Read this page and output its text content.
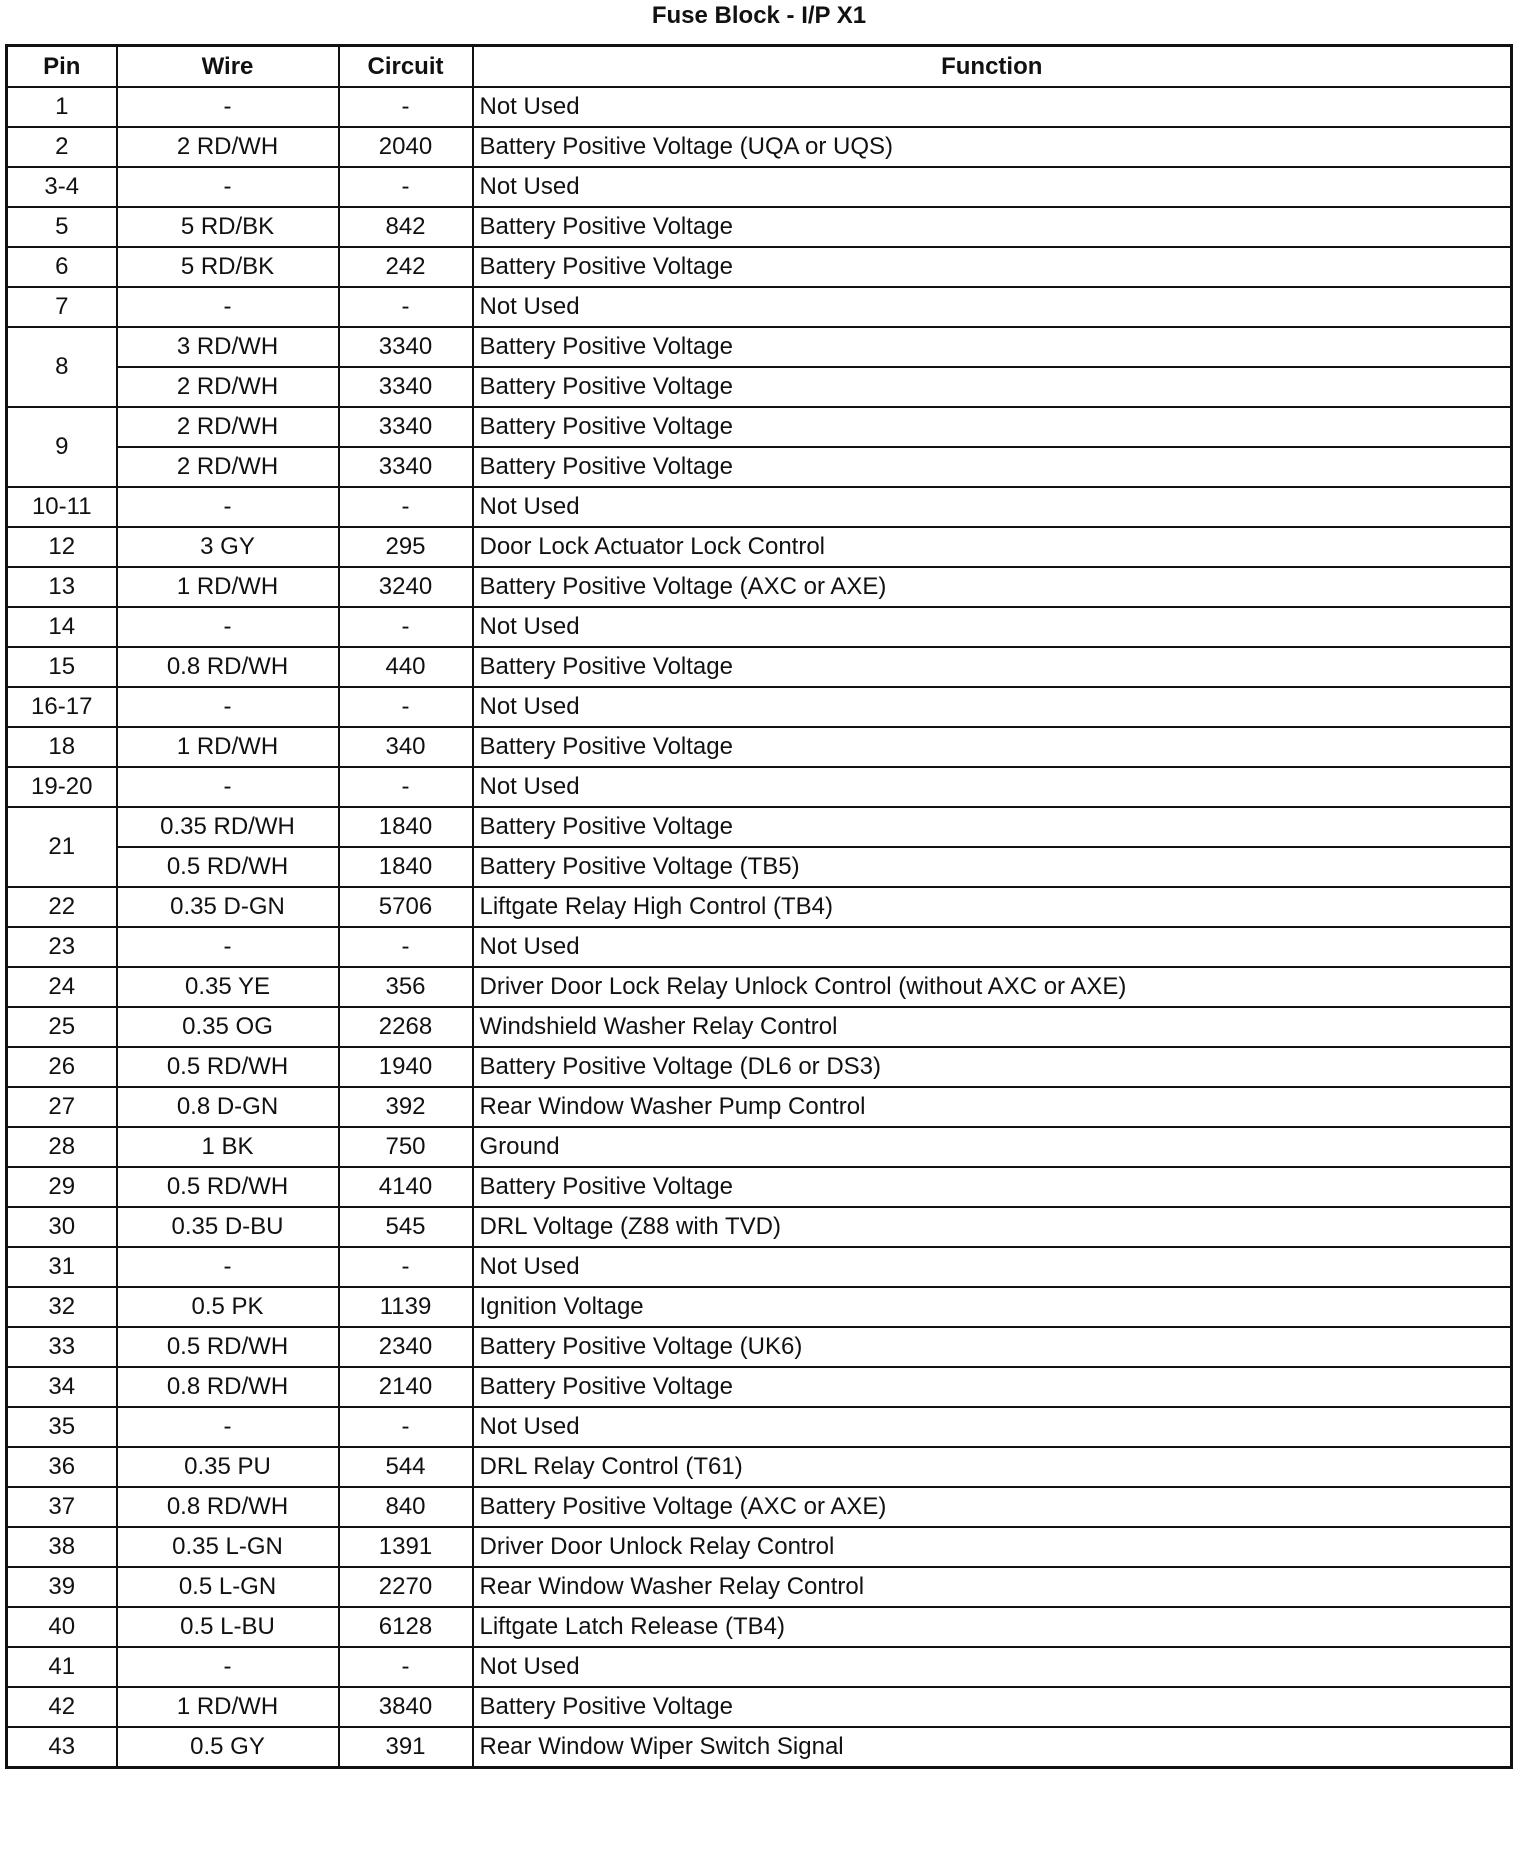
Fuse Block - I/P X1
Pin	Wire	Circuit	Function
1	-	-	Not Used
2	2 RD/WH	2040	Battery Positive Voltage (UQA or UQS)
3-4	-	-	Not Used
5	5 RD/BK	842	Battery Positive Voltage
6	5 RD/BK	242	Battery Positive Voltage
7	-	-	Not Used
8	3 RD/WH	3340	Battery Positive Voltage
	2 RD/WH	3340	Battery Positive Voltage
9	2 RD/WH	3340	Battery Positive Voltage
	2 RD/WH	3340	Battery Positive Voltage
10-11	-	-	Not Used
12	3 GY	295	Door Lock Actuator Lock Control
13	1 RD/WH	3240	Battery Positive Voltage (AXC or AXE)
14	-	-	Not Used
15	0.8 RD/WH	440	Battery Positive Voltage
16-17	-	-	Not Used
18	1 RD/WH	340	Battery Positive Voltage
19-20	-	-	Not Used
21	0.35 RD/WH	1840	Battery Positive Voltage
	0.5 RD/WH	1840	Battery Positive Voltage (TB5)
22	0.35 D-GN	5706	Liftgate Relay High Control (TB4)
23	-	-	Not Used
24	0.35 YE	356	Driver Door Lock Relay Unlock Control (without AXC or AXE)
25	0.35 OG	2268	Windshield Washer Relay Control
26	0.5 RD/WH	1940	Battery Positive Voltage (DL6 or DS3)
27	0.8 D-GN	392	Rear Window Washer Pump Control
28	1 BK	750	Ground
29	0.5 RD/WH	4140	Battery Positive Voltage
30	0.35 D-BU	545	DRL Voltage (Z88 with TVD)
31	-	-	Not Used
32	0.5 PK	1139	Ignition Voltage
33	0.5 RD/WH	2340	Battery Positive Voltage (UK6)
34	0.8 RD/WH	2140	Battery Positive Voltage
35	-	-	Not Used
36	0.35 PU	544	DRL Relay Control (T61)
37	0.8 RD/WH	840	Battery Positive Voltage (AXC or AXE)
38	0.35 L-GN	1391	Driver Door Unlock Relay Control
39	0.5 L-GN	2270	Rear Window Washer Relay Control
40	0.5 L-BU	6128	Liftgate Latch Release (TB4)
41	-	-	Not Used
42	1 RD/WH	3840	Battery Positive Voltage
43	0.5 GY	391	Rear Window Wiper Switch Signal
